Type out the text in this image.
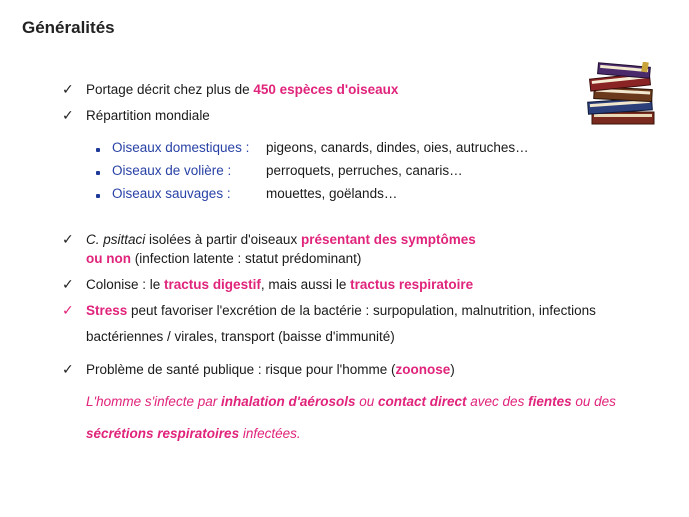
Généralités
✓ Portage décrit chez plus de 450 espèces d'oiseaux
✓ Répartition mondiale
Oiseaux domestiques : pigeons, canards, dindes, oies, autruches…
Oiseaux de volière :	perroquets, perruches, canaris…
Oiseaux sauvages :	mouettes, goëlands…
✓ C. psittaci isolées à partir d'oiseaux présentant des symptômes
ou non (infection latente : statut prédominant)
✓ Colonise : le tractus digestif, mais aussi le tractus respiratoire
✓ Stress peut favoriser l'excrétion de la bactérie : surpopulation, malnutrition, infections
bactériennes / virales, transport (baisse d'immunité)
✓ Problème de santé publique : risque pour l'homme (zoonose)
L'homme s'infecte par inhalation d'aérosols ou contact direct avec des fientes ou des
sécrétions respiratoires infectées.
